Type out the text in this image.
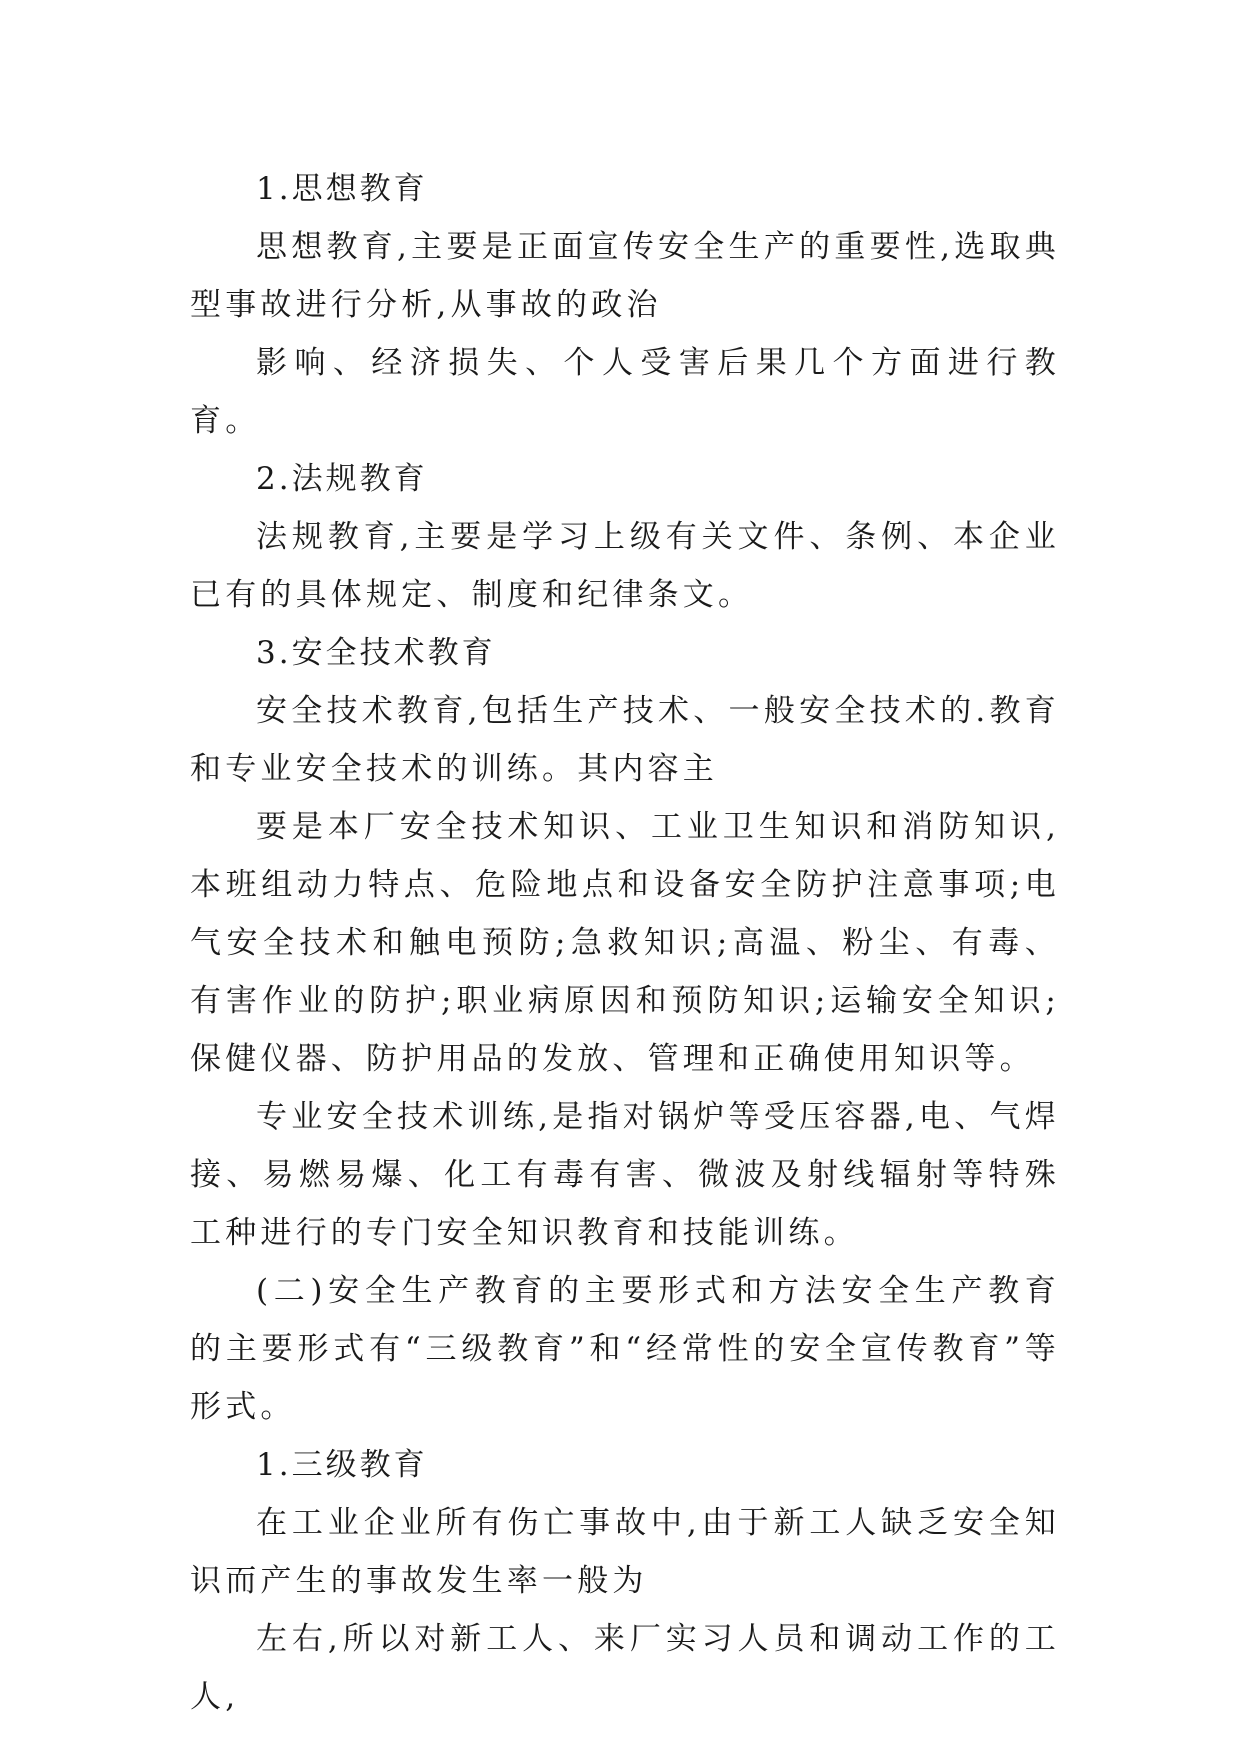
1.思想教育

思想教育,主要是正面宣传安全生产的重要性,选取典型事故进行分析,从事故的政治

影响、经济损失、个人受害后果几个方面进行教育。

2.法规教育

法规教育,主要是学习上级有关文件、条例、本企业已有的具体规定、制度和纪律条文。

3.安全技术教育

安全技术教育,包括生产技术、一般安全技术的.教育和专业安全技术的训练。其内容主

要是本厂安全技术知识、工业卫生知识和消防知识,本班组动力特点、危险地点和设备安全防护注意事项;电气安全技术和触电预防;急救知识;高温、粉尘、有毒、有害作业的防护;职业病原因和预防知识;运输安全知识;保健仪器、防护用品的发放、管理和正确使用知识等。

专业安全技术训练,是指对锅炉等受压容器,电、气焊接、易燃易爆、化工有毒有害、微波及射线辐射等特殊工种进行的专门安全知识教育和技能训练。

(二)安全生产教育的主要形式和方法安全生产教育的主要形式有“三级教育”和“经常性的安全宣传教育”等形式。

1.三级教育

在工业企业所有伤亡事故中,由于新工人缺乏安全知识而产生的事故发生率一般为

左右,所以对新工人、来厂实习人员和调动工作的工人,
